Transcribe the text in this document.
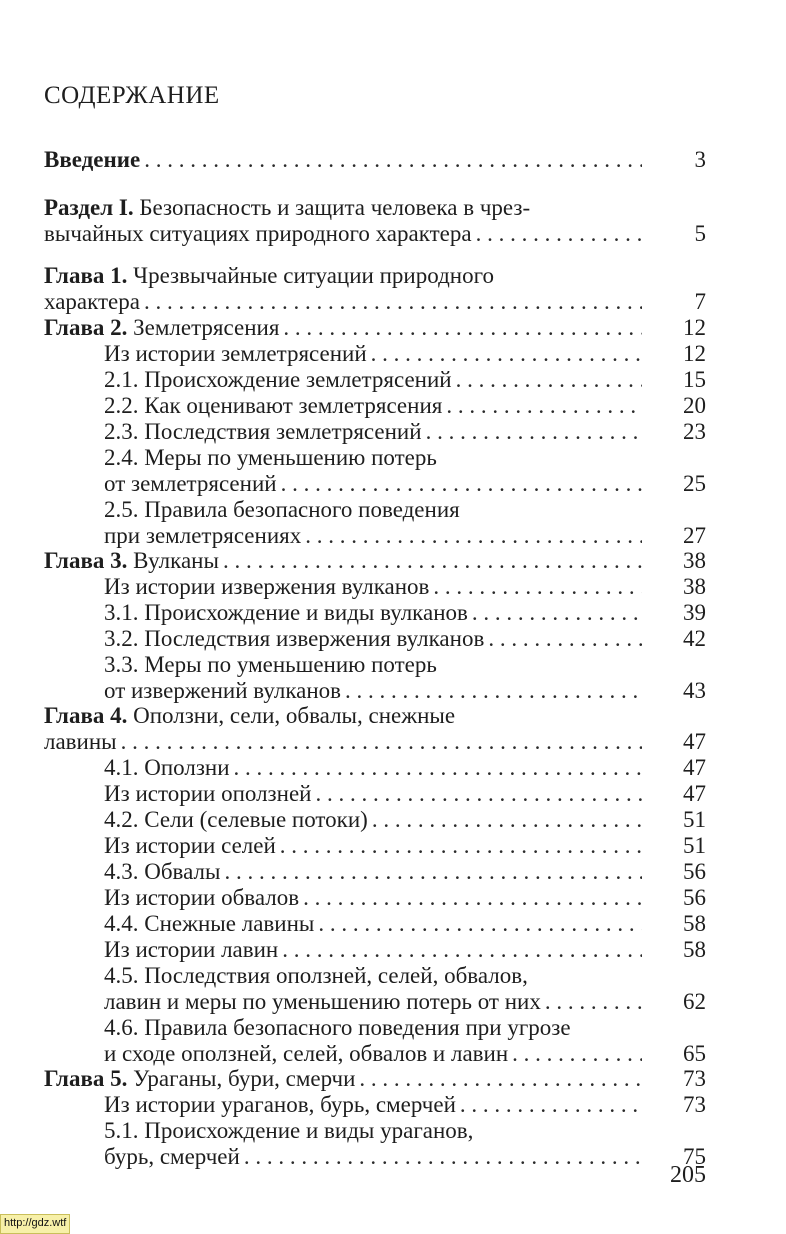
СОДЕРЖАНИЕ
Введение . . .	3
Раздел I. Безопасность и защита человека в чрез-
вычайных ситуациях природного характера . . .	5
Глава 1. Чрезвычайные ситуации природного
характера . . .	7
Глава 2. Землетрясения . . .	12
Из истории землетрясений . . .	12
2.1. Происхождение землетрясений . . .	15
2.2. Как оценивают землетрясения . . .	20
2.3. Последствия землетрясений . . .	23
2.4. Меры по уменьшению потерь
от землетрясений . . .	25
2.5. Правила безопасного поведения
при землетрясениях . . .	27
Глава 3. Вулканы . . .	38
Из истории извержения вулканов . . .	38
3.1. Происхождение и виды вулканов . . .	39
3.2. Последствия извержения вулканов . . .	42
3.3. Меры по уменьшению потерь
от извержений вулканов . . .	43
Глава 4. Оползни, сели, обвалы, снежные
лавины . . .	47
4.1. Оползни . . .	47
Из истории оползней . . .	47
4.2. Сели (селевые потоки) . . .	51
Из истории селей . . .	51
4.3. Обвалы . . .	56
Из истории обвалов . . .	56
4.4. Снежные лавины . . .	58
Из истории лавин . . .	58
4.5. Последствия оползней, селей, обвалов,
лавин и меры по уменьшению потерь от них . . .	62
4.6. Правила безопасного поведения при угрозе
и сходе оползней, селей, обвалов и лавин . . .	65
Глава 5. Ураганы, бури, смерчи . . .	73
Из истории ураганов, бурь, смерчей . . .	73
5.1. Происхождение и виды ураганов,
бурь, смерчей . . .	75
205
http://gdz.wtf
